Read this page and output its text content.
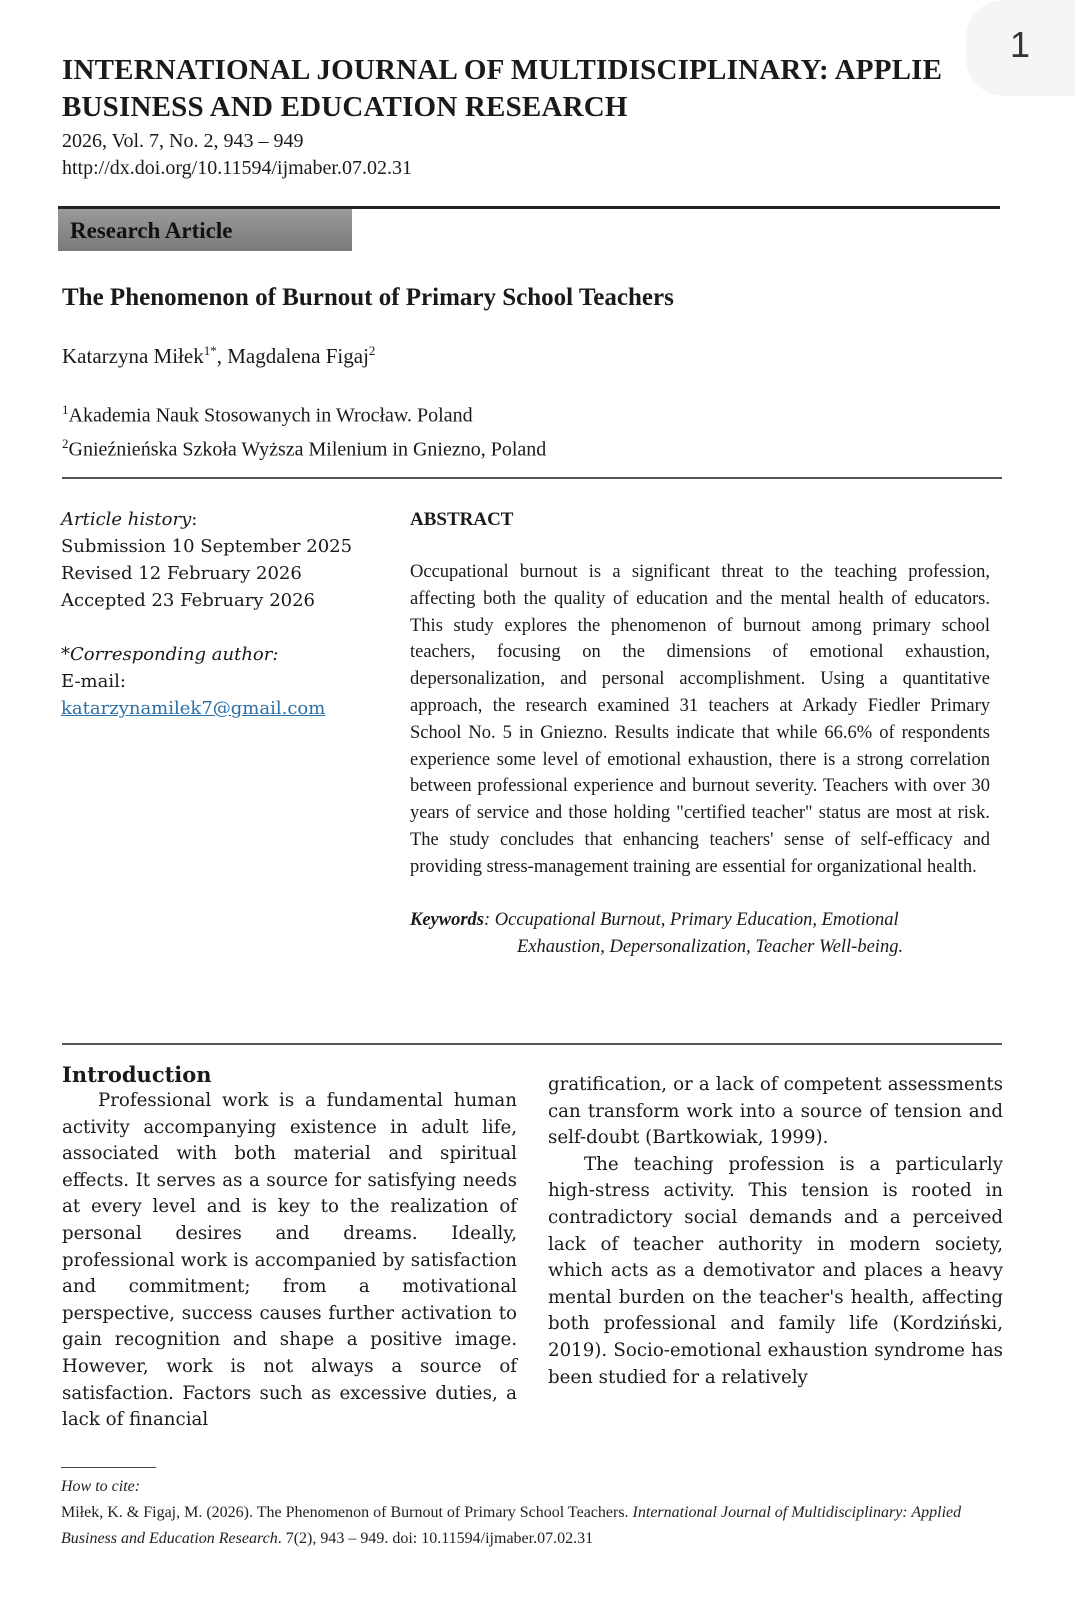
1
INTERNATIONAL JOURNAL OF MULTIDISCIPLINARY: APPLIE
BUSINESS AND EDUCATION RESEARCH
2026, Vol. 7, No. 2, 943 – 949
http://dx.doi.org/10.11594/ijmaber.07.02.31
Research Article
The Phenomenon of Burnout of Primary School Teachers
Katarzyna Miłek$^{1*}$, Magdalena Figaj$^2$
$^1$Akademia Nauk Stosowanych in Wrocław. Poland
$^2$Gnieźnieńska Szkoła Wyższa Milenium in Gniezno, Poland
Article history:
Submission 10 September 2025
Revised 12 February 2026
Accepted 23 February 2026
*Corresponding author:
E-mail:
katarzynamilek7@gmail.com
ABSTRACT

Occupational burnout is a significant threat to the teaching profession, affecting both the quality of education and the mental health of educators. This study explores the phenomenon of burnout among primary school teachers, focusing on the dimensions of emotional exhaustion, depersonalization, and personal accomplishment. Using a quantitative approach, the research examined 31 teachers at Arkady Fiedler Primary School No. 5 in Gniezno. Results indicate that while 66.6% of respondents experience some level of emotional exhaustion, there is a strong correlation between professional experience and burnout severity. Teachers with over 30 years of service and those holding "certified teacher" status are most at risk. The study concludes that enhancing teachers' sense of self-efficacy and providing stress-management training are essential for organizational health.

Keywords: Occupational Burnout, Primary Education, Emotional Exhaustion, Depersonalization, Teacher Well-being.
Introduction

Professional work is a fundamental human activity accompanying existence in adult life, associated with both material and spiritual effects. It serves as a source for satisfying needs at every level and is key to the realization of personal desires and dreams. Ideally, professional work is accompanied by satisfaction and commitment; from a motivational perspective, success causes further activation to gain recognition and shape a positive image. However, work is not always a source of satisfaction. Factors such as excessive duties, a lack of financial

gratification, or a lack of competent assessments can transform work into a source of tension and self-doubt (Bartkowiak, 1999).

The teaching profession is a particularly high-stress activity. This tension is rooted in contradictory social demands and a perceived lack of teacher authority in modern society, which acts as a demotivator and places a heavy mental burden on the teacher's health, affecting both professional and family life (Kordziński, 2019). Socio-emotional exhaustion syndrome has been studied for a relatively

How to cite:
Miłek, K. & Figaj, M. (2026). The Phenomenon of Burnout of Primary School Teachers. International Journal of Multidisciplinary: Applied Business and Education Research. 7(2), 943 – 949. doi: 10.11594/ijmaber.07.02.31
